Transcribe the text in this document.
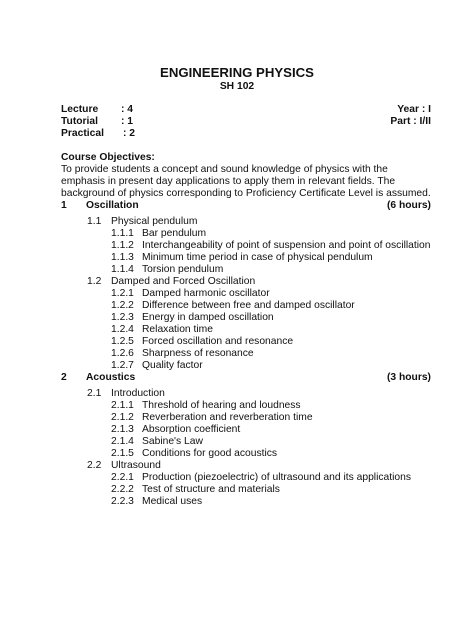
ENGINEERING PHYSICS
SH 102
Lecture : 4	Year : I
Tutorial : 1	Part : I/II
Practical : 2
Course Objectives:
To provide students a concept and sound knowledge of physics with the emphasis in present day applications to apply them in relevant fields. The background of physics corresponding to Proficiency Certificate Level is assumed.
1 Oscillation	(6 hours)
1.1 Physical pendulum
1.1.1 Bar pendulum
1.1.2 Interchangeability of point of suspension and point of oscillation
1.1.3 Minimum time period in case of physical pendulum
1.1.4 Torsion pendulum
1.2 Damped and Forced Oscillation
1.2.1 Damped harmonic oscillator
1.2.2 Difference between free and damped oscillator
1.2.3 Energy in damped oscillation
1.2.4 Relaxation time
1.2.5 Forced oscillation and resonance
1.2.6 Sharpness of resonance
1.2.7 Quality factor
2 Acoustics	(3 hours)
2.1 Introduction
2.1.1 Threshold of hearing and loudness
2.1.2 Reverberation and reverberation time
2.1.3 Absorption coefficient
2.1.4 Sabine's Law
2.1.5 Conditions for good acoustics
2.2 Ultrasound
2.2.1 Production (piezoelectric) of ultrasound and its applications
2.2.2 Test of structure and materials
2.2.3 Medical uses
